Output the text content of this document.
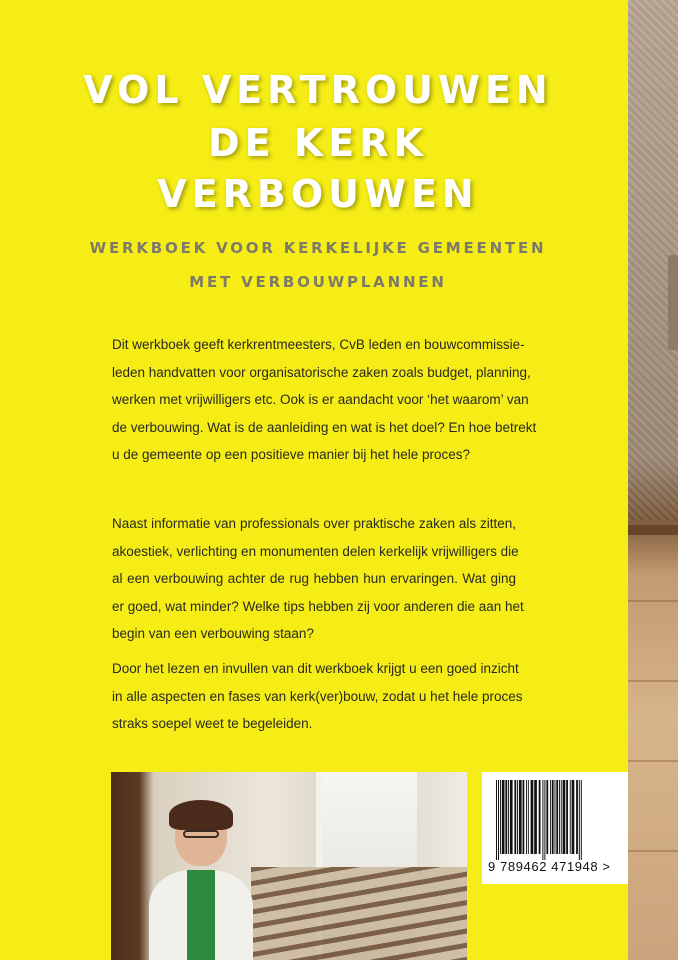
VOL VERTROUWEN
DE KERK
VERBOUWEN
WERKBOEK VOOR KERKELIJKE GEMEENTEN
MET VERBOUWPLANNEN

Dit werkboek geeft kerkrentmeesters, CvB leden en bouwcommissie-
leden handvatten voor organisatorische zaken zoals budget, planning,
werken met vrijwilligers etc. Ook is er aandacht voor ‘het waarom’ van
de verbouwing. Wat is de aanleiding en wat is het doel? En hoe betrekt
u de gemeente op een positieve manier bij het hele proces?

Naast informatie van professionals over praktische zaken als zitten,
akoestiek, verlichting en monumenten delen kerkelijk vrijwilligers die
al een verbouwing achter de rug hebben hun ervaringen. Wat ging
er goed, wat minder? Welke tips hebben zij voor anderen die aan het
begin van een verbouwing staan?

Door het lezen en invullen van dit werkboek krijgt u een goed inzicht
in alle aspecten en fases van kerk(ver)bouw, zodat u het hele proces
straks soepel weet te begeleiden.

9 789462 471948 >
